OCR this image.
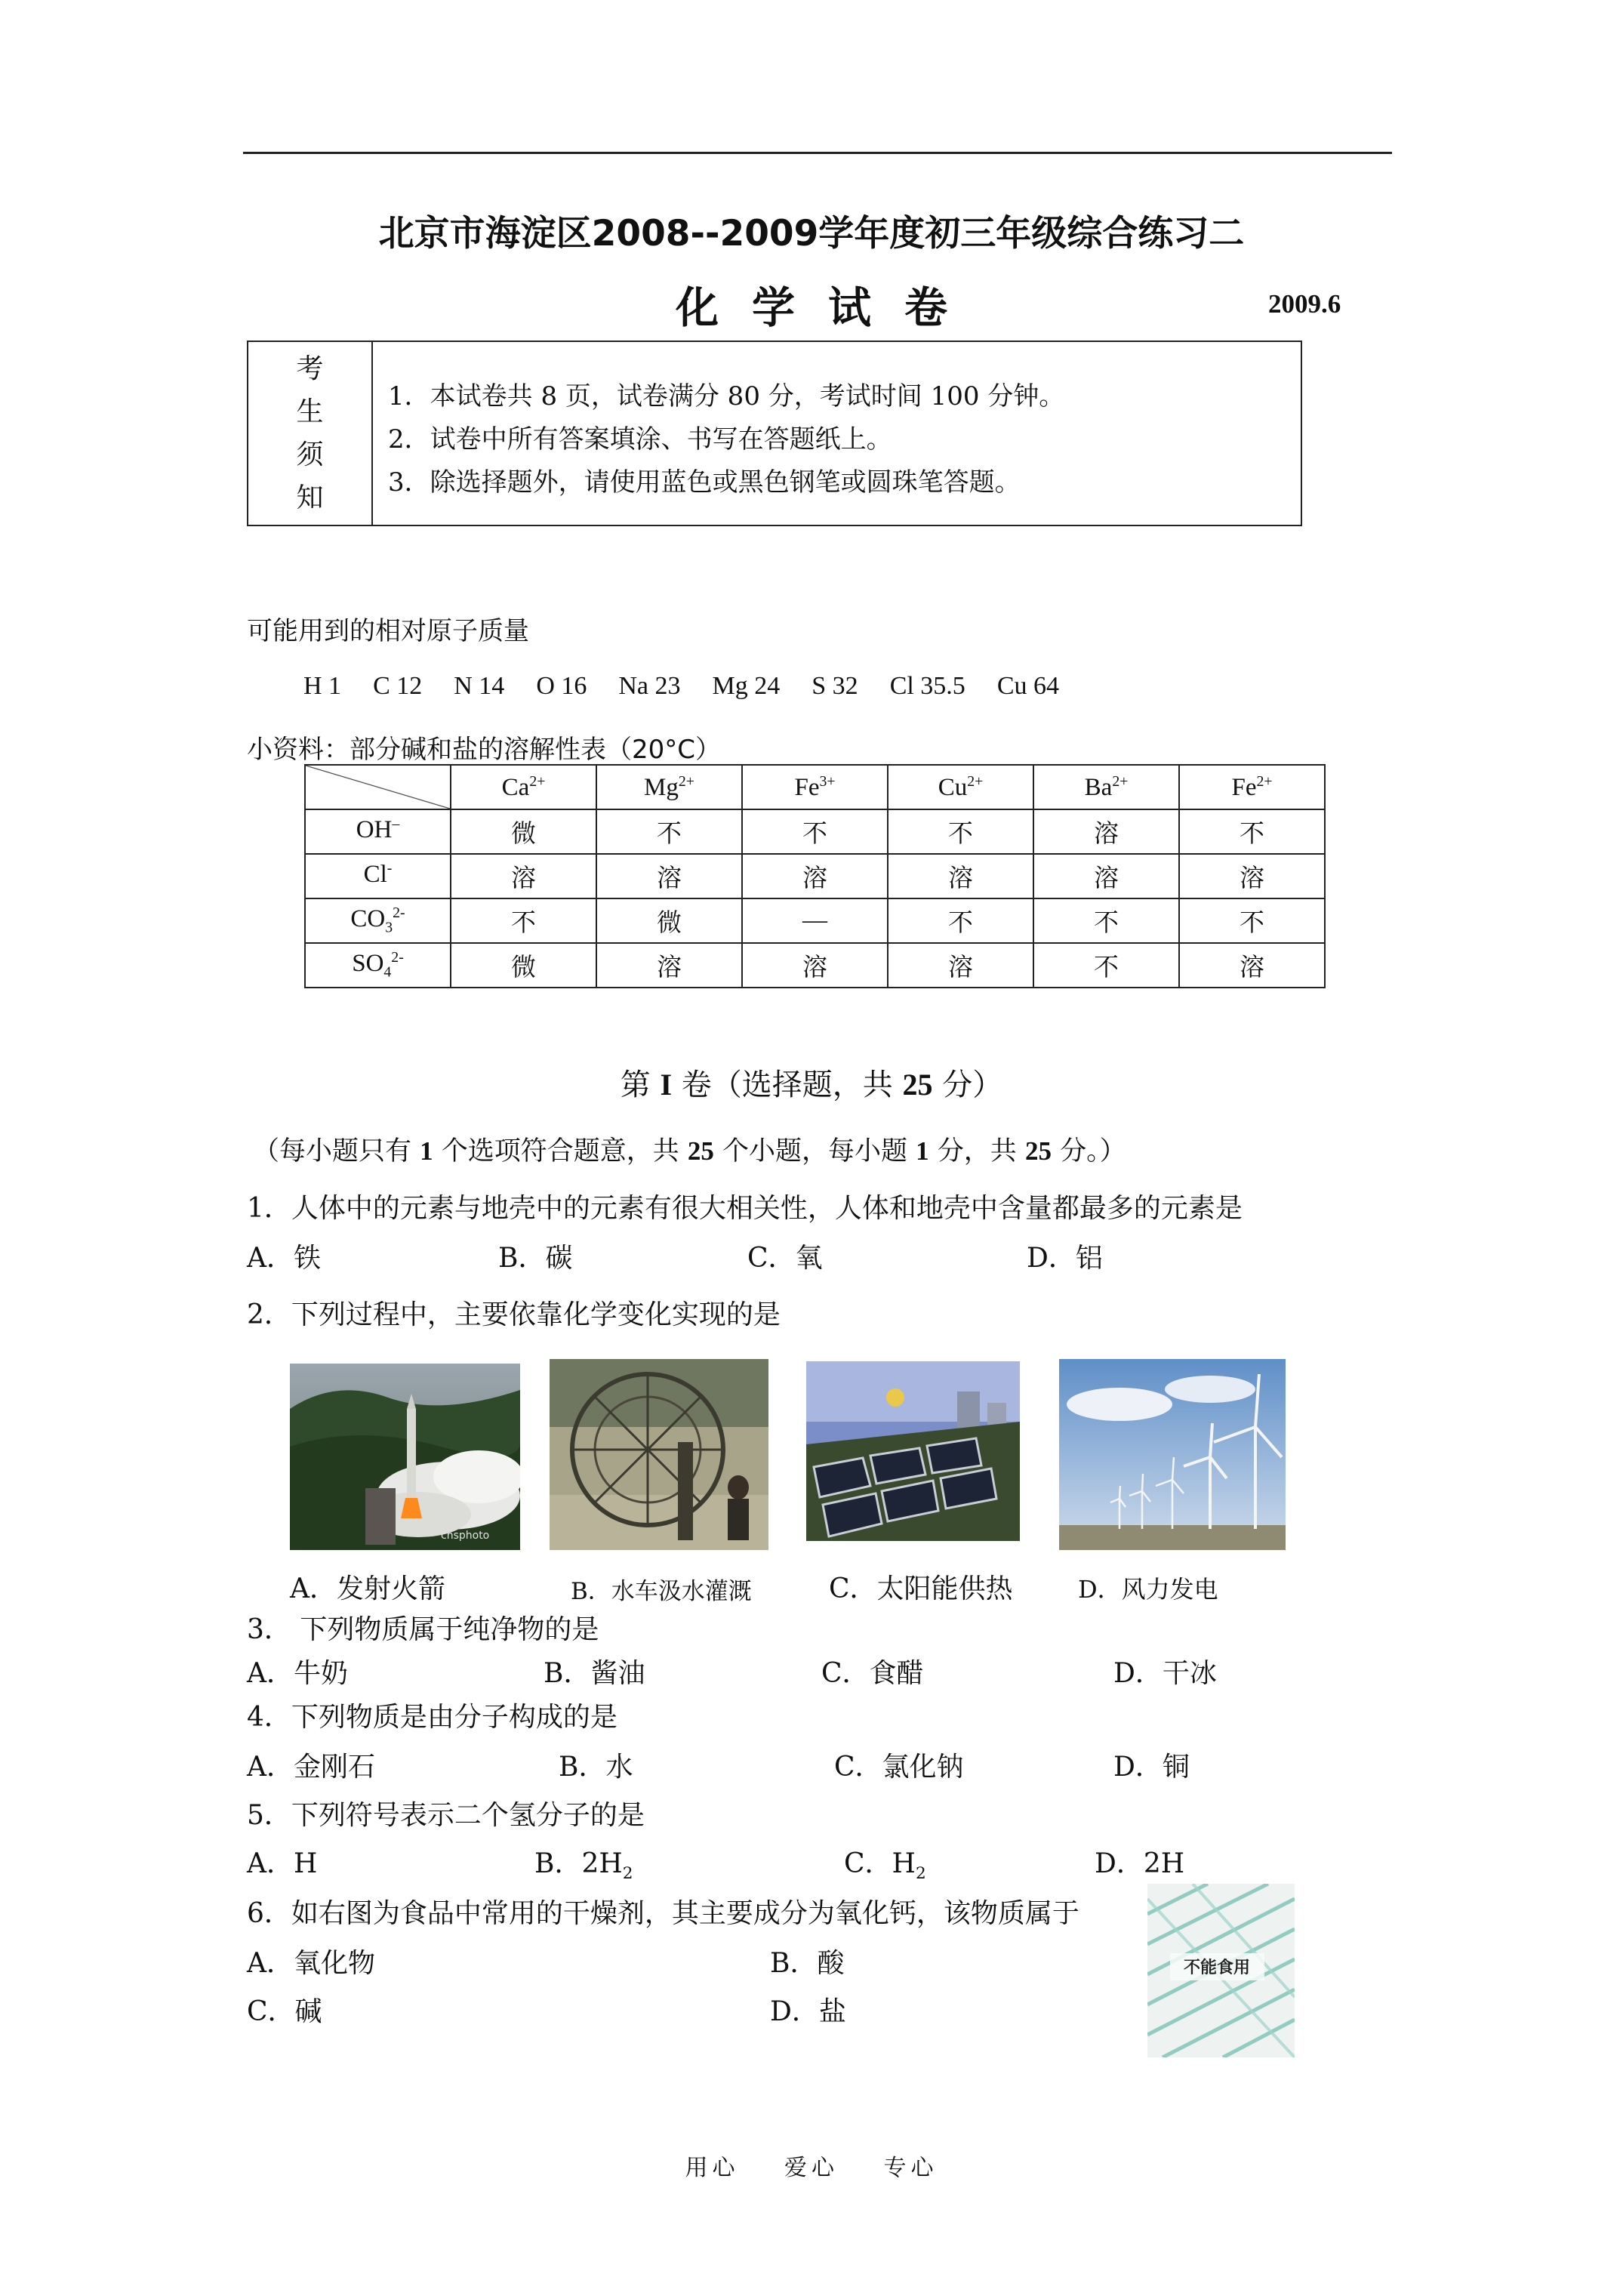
北京市海淀区2008--2009学年度初三年级综合练习二
化学试卷	2009.6
考
生
须
知
1．本试卷共 8 页，试卷满分 80 分，考试时间 100 分钟。
2．试卷中所有答案填涂、书写在答题纸上。
3．除选择题外，请使用蓝色或黑色钢笔或圆珠笔答题。
可能用到的相对原子质量
H 1 C 12 N 14 O 16 Na 23 Mg 24 S 32 Cl 35.5 Cu 64
小资料：部分碱和盐的溶解性表（20°C）
	$Ca^{2+}$	$Mg^{2+}$	$Fe^{3+}$	$Cu^{2+}$	$Ba^{2+}$	$Fe^{2+}$
OH–	微	不	不	不	溶	不
Cl-	溶	溶	溶	溶	溶	溶
$CO_3^{2-}$	不	微	—	不	不	不
$SO_4^{2-}$	微	溶	溶	溶	不	溶
第 I 卷（选择题，共 25 分）
（每小题只有 1 个选项符合题意，共 25 个小题，每小题 1 分，共 25 分。）
1．人体中的元素与地壳中的元素有很大相关性，人体和地壳中含量都最多的元素是
A．铁	B．碳	C．氧	D．铝
2．下列过程中，主要依靠化学变化实现的是
cnsphoto
A．发射火箭	B．水车汲水灌溉	C．太阳能供热	D．风力发电
3． 下列物质属于纯净物的是
A．牛奶	B．酱油	C．食醋	D．干冰
4．下列物质是由分子构成的是
A．金刚石	B．水	C．氯化钠	D．铜
5．下列符号表示二个氢分子的是
A．H	B．$2H_2$	C．$H_2$	D．2H
6．如右图为食品中常用的干燥剂，其主要成分为氧化钙，该物质属于
A．氧化物	B．酸
C．碱	D．盐
不能食用
用心 爱心 专心
